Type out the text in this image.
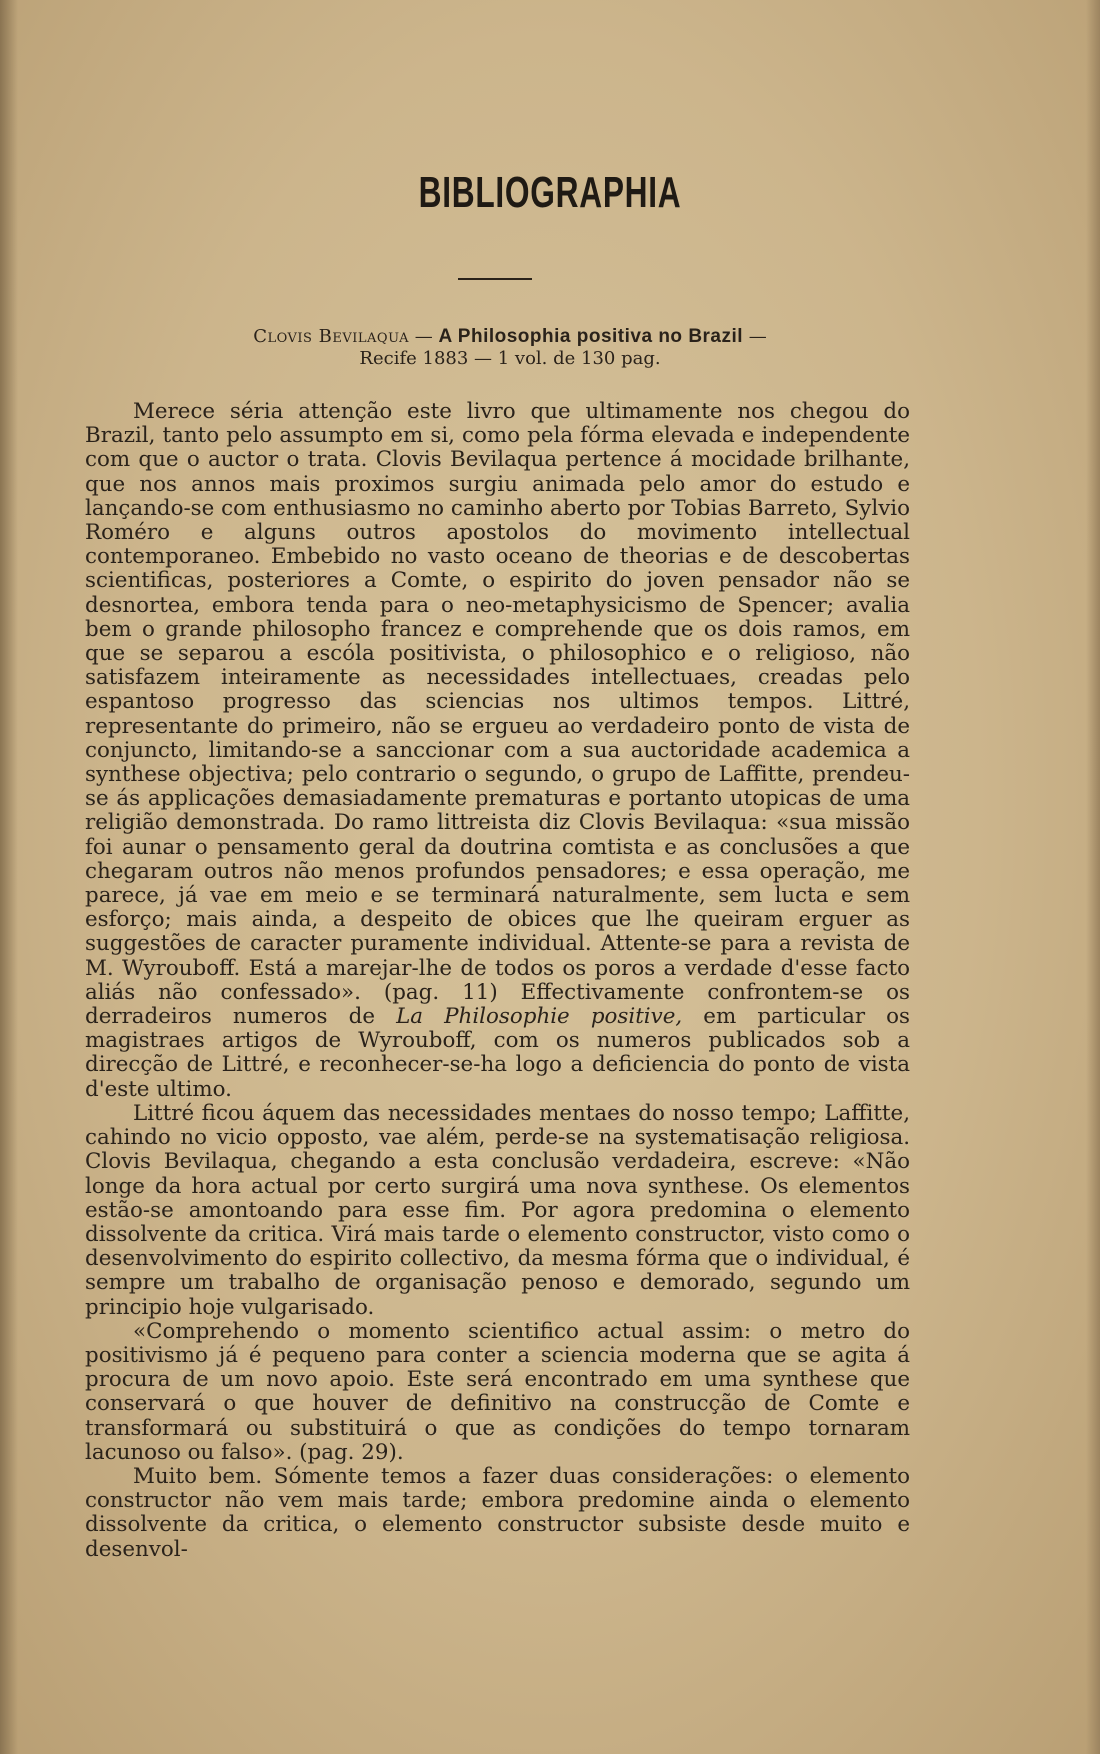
BIBLIOGRAPHIA
Clovis Bevilaqua — A Philosophia positiva no Brazil —
Recife 1883 — 1 vol. de 130 pag.

Merece séria attenção este livro que ultimamente nos chegou do Brazil, tanto pelo assumpto em si, como pela fórma elevada e independente com que o auctor o trata. Clovis Bevilaqua pertence á mocidade brilhante, que nos annos mais proximos surgiu animada pelo amor do estudo e lançando-se com enthusiasmo no caminho aberto por Tobias Barreto, Sylvio Roméro e alguns outros apostolos do movimento intellectual contemporaneo. Embebido no vasto oceano de theorias e de descobertas scientificas, posteriores a Comte, o espirito do joven pensador não se desnortea, embora tenda para o neo-metaphysicismo de Spencer; avalia bem o grande philosopho francez e comprehende que os dois ramos, em que se separou a escóla positivista, o philosophico e o religioso, não satisfazem inteiramente as necessidades intellectuaes, creadas pelo espantoso progresso das sciencias nos ultimos tempos. Littré, representante do primeiro, não se ergueu ao verdadeiro ponto de vista de conjuncto, limitando-se a sanccionar com a sua auctoridade academica a synthese objectiva; pelo contrario o segundo, o grupo de Laffitte, prendeu-se ás applicações demasiadamente prematuras e portanto utopicas de uma religião demonstrada. Do ramo littreista diz Clovis Bevilaqua: «sua missão foi aunar o pensamento geral da doutrina comtista e as conclusões a que chegaram outros não menos profundos pensadores; e essa operação, me parece, já vae em meio e se terminará naturalmente, sem lucta e sem esforço; mais ainda, a despeito de obices que lhe queiram erguer as suggestões de caracter puramente individual. Attente-se para a revista de M. Wyrouboff. Está a marejar-lhe de todos os poros a verdade d'esse facto aliás não confessado». (pag. 11) Effectivamente confrontem-se os derradeiros numeros de La Philosophie positive, em particular os magistraes artigos de Wyrouboff, com os numeros publicados sob a direcção de Littré, e reconhecer-se-ha logo a deficiencia do ponto de vista d'este ultimo.

Littré ficou áquem das necessidades mentaes do nosso tempo; Laffitte, cahindo no vicio opposto, vae além, perde-se na systematisação religiosa. Clovis Bevilaqua, chegando a esta conclusão verdadeira, escreve: «Não longe da hora actual por certo surgirá uma nova synthese. Os elementos estão-se amontoando para esse fim. Por agora predomina o elemento dissolvente da critica. Virá mais tarde o elemento constructor, visto como o desenvolvimento do espirito collectivo, da mesma fórma que o individual, é sempre um trabalho de organisação penoso e demorado, segundo um principio hoje vulgarisado.

«Comprehendo o momento scientifico actual assim: o metro do positivismo já é pequeno para conter a sciencia moderna que se agita á procura de um novo apoio. Este será encontrado em uma synthese que conservará o que houver de definitivo na construcção de Comte e transformará ou substituirá o que as condições do tempo tornaram lacunoso ou falso». (pag. 29).

Muito bem. Sómente temos a fazer duas considerações: o elemento constructor não vem mais tarde; embora predomine ainda o elemento dissolvente da critica, o elemento constructor subsiste desde muito e desenvol-
